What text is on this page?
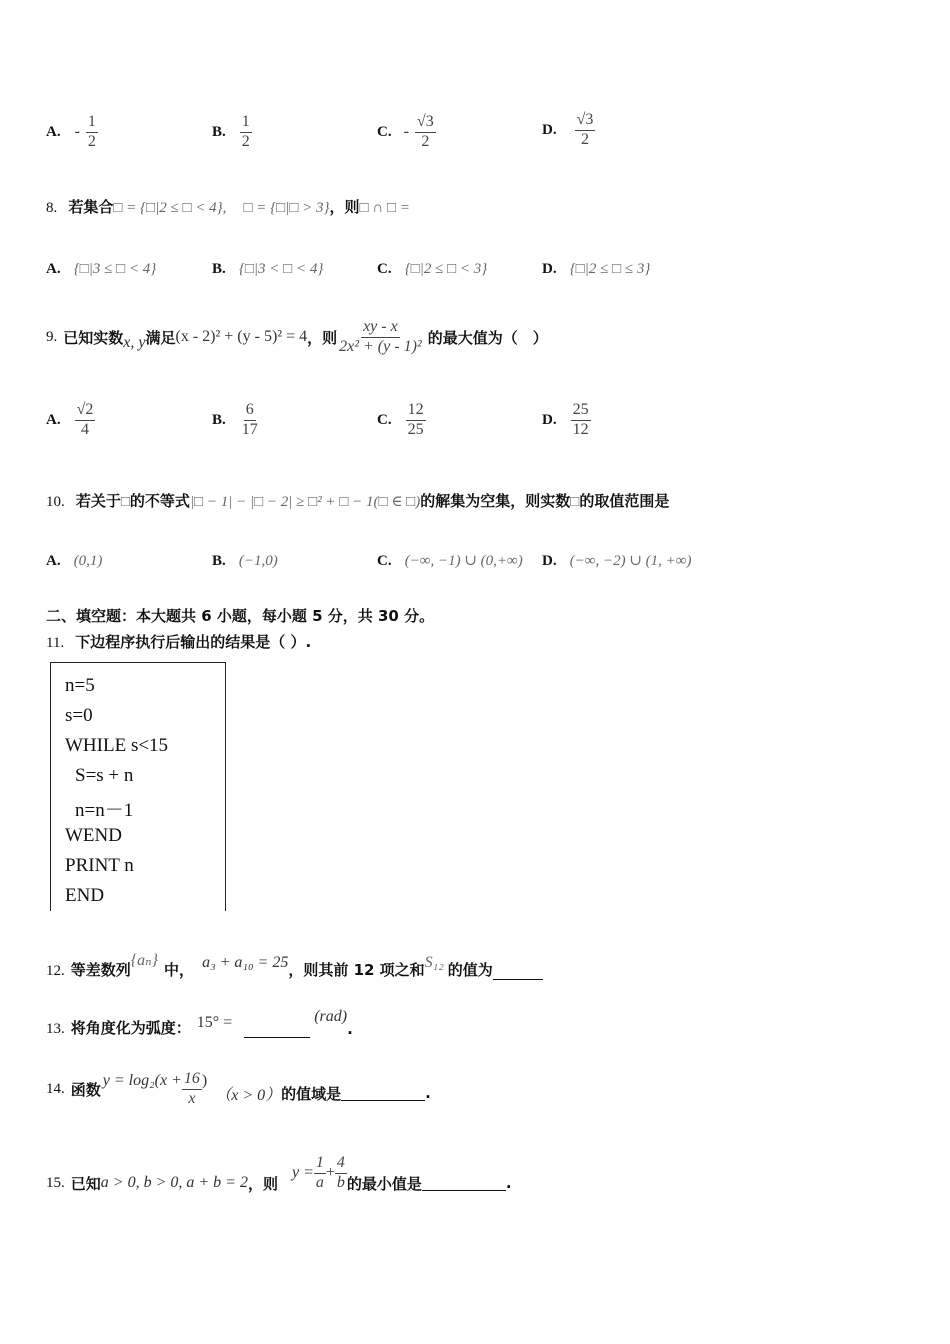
A. - $\frac{1}{2}$	B. $\frac{1}{2}$	C. - $\frac{√3}{2}$	D. $\frac{√3}{2}$
8. 若集合□ = {□|2 ≤ □ < 4}, □ = {□|□ > 3}，则□ ∩ □ =
A. {□|3 ≤ □ < 4}	B. {□|3 < □ < 4}	C. {□|2 ≤ □ < 3}	D. {□|2 ≤ □ ≤ 3}
9. 已知实数 x, y 满足 (x - 2)² + (y - 5)² = 4 ，则 $\frac{xy - x}{\text{2x² + (y - 1)²}}$ 的最大值为（　）
A. $\frac{√2}{4}$	B. $\frac{6}{17}$	C. $\frac{12}{25}$	D. $\frac{25}{12}$
10. 若关于□的不等式|□ − 1| − |□ − 2| ≥ □² + □ − 1(□ ∈ □)的解集为空集，则实数□的取值范围是
A. (0,1)	B. (−1,0)	C. (−∞, −1) ∪ (0,+∞) D. (−∞, −2) ∪ (1, +∞)
二、填空题：本大题共 6 小题，每小题 5 分，共 30 分。
11. 下边程序执行后输出的结果是（ ）.
n=5
s=0
WHILE s<15
S=s + n
n=n－1
WEND
PRINT n
END
12. 等差数列
{aₙ}
中， a₃ + a₁₀ = 25 ，则其前 12 项之和 S₁₂ 的值为
13. 将角度化为弧度： 15° =	(rad)
.
14. 函数 $y = \log_2(x + \frac{16}{x}$ )
（x > 0） 的值域是	.
15. 已知 a > 0, b > 0, a + b = 2 ，则
$y = \frac{1}{a} + \frac{4}{b}$ 的最小值是	.
